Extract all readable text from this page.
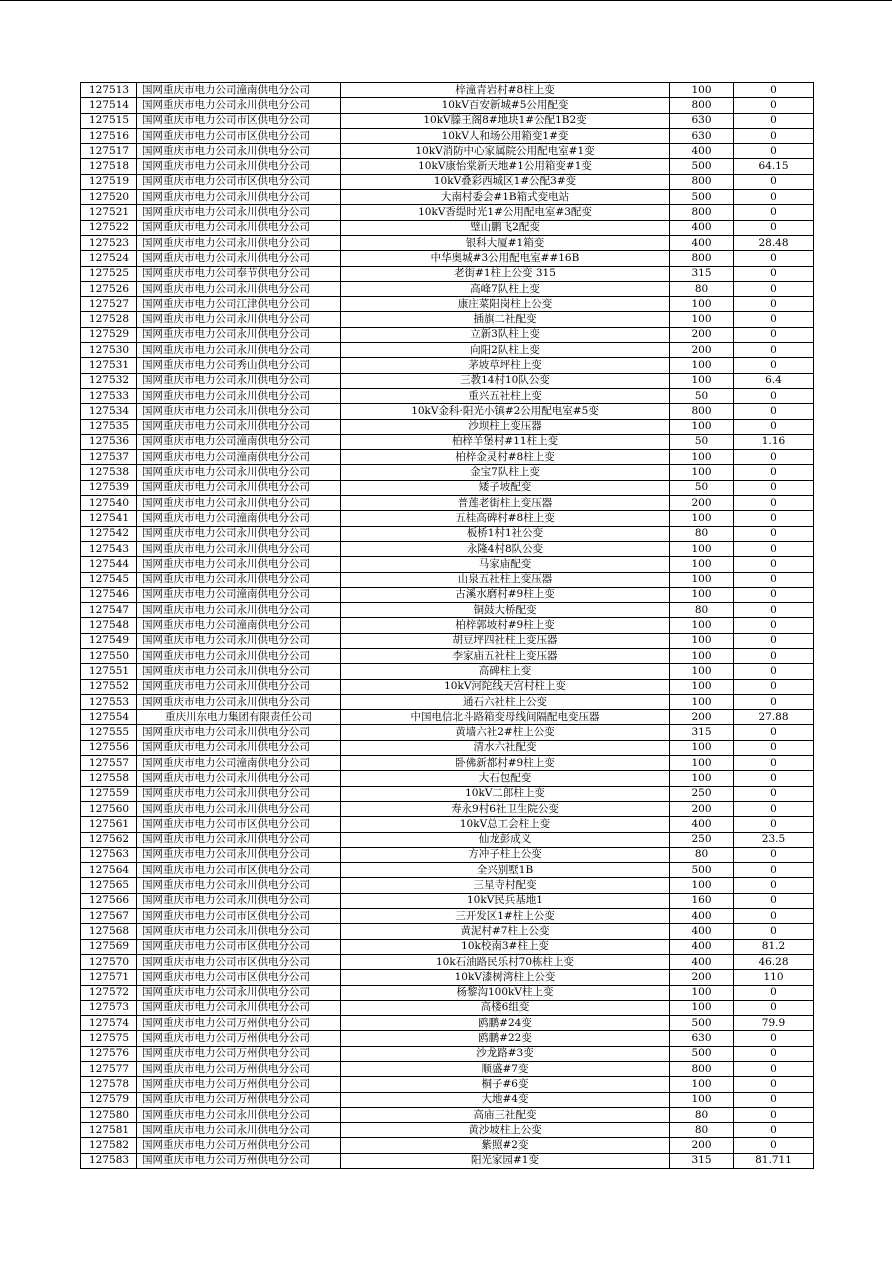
127513	国网重庆市电力公司潼南供电分公司	梓潼青岩村#8柱上变	100	0
127514	国网重庆市电力公司永川供电分公司	10kV百安新城#5公用配变	800	0
127515	国网重庆市电力公司市区供电分公司	10kV滕王阁8#地块1#公配1B2变	630	0
127516	国网重庆市电力公司市区供电分公司	10kV人和场公用箱变1#变	630	0
127517	国网重庆市电力公司永川供电分公司	10kV消防中心家属院公用配电室#1变	400	0
127518	国网重庆市电力公司永川供电分公司	10kV康怡棠新天地#1公用箱变#1变	500	64.15
127519	国网重庆市电力公司市区供电分公司	10kV叠彩西城区1#公配3#变	800	0
127520	国网重庆市电力公司永川供电分公司	大南村委会#1B箱式变电站	500	0
127521	国网重庆市电力公司永川供电分公司	10kV香缇时光1#公用配电室#3配变	800	0
127522	国网重庆市电力公司永川供电分公司	璧山鹏飞2配变	400	0
127523	国网重庆市电力公司永川供电分公司	银科大厦#1箱变	400	28.48
127524	国网重庆市电力公司永川供电分公司	中华奥城#3公用配电室##16B	800	0
127525	国网重庆市电力公司奉节供电分公司	老街#1柱上公变 315	315	0
127526	国网重庆市电力公司永川供电分公司	高峰7队柱上变	80	0
127527	国网重庆市电力公司江津供电分公司	康庄菜阳岗柱上公变	100	0
127528	国网重庆市电力公司永川供电分公司	插旗二社配变	100	0
127529	国网重庆市电力公司永川供电分公司	立新3队柱上变	200	0
127530	国网重庆市电力公司永川供电分公司	向阳2队柱上变	200	0
127531	国网重庆市电力公司秀山供电分公司	茅坡草坪柱上变	100	0
127532	国网重庆市电力公司永川供电分公司	三教14村10队公变	100	6.4
127533	国网重庆市电力公司永川供电分公司	重兴五社柱上变	50	0
127534	国网重庆市电力公司永川供电分公司	10kV金科·阳光小镇#2公用配电室#5变	800	0
127535	国网重庆市电力公司永川供电分公司	沙坝柱上变压器	100	0
127536	国网重庆市电力公司潼南供电分公司	柏梓羊堡村#11柱上变	50	1.16
127537	国网重庆市电力公司潼南供电分公司	柏梓金灵村#8柱上变	100	0
127538	国网重庆市电力公司永川供电分公司	金宝7队柱上变	100	0
127539	国网重庆市电力公司永川供电分公司	矮子坡配变	50	0
127540	国网重庆市电力公司永川供电分公司	普莲老街柱上变压器	200	0
127541	国网重庆市电力公司潼南供电分公司	五桂高碑村#8柱上变	100	0
127542	国网重庆市电力公司永川供电分公司	板桥1村1社公变	80	0
127543	国网重庆市电力公司永川供电分公司	永隆4村8队公变	100	0
127544	国网重庆市电力公司永川供电分公司	马家庙配变	100	0
127545	国网重庆市电力公司永川供电分公司	山泉五社柱上变压器	100	0
127546	国网重庆市电力公司潼南供电分公司	古溪水磨村#9柱上变	100	0
127547	国网重庆市电力公司永川供电分公司	铜鼓大桥配变	80	0
127548	国网重庆市电力公司潼南供电分公司	柏梓郭坡村#9柱上变	100	0
127549	国网重庆市电力公司永川供电分公司	胡豆坪四社柱上变压器	100	0
127550	国网重庆市电力公司永川供电分公司	李家庙五社柱上变压器	100	0
127551	国网重庆市电力公司永川供电分公司	高碑柱上变	100	0
127552	国网重庆市电力公司永川供电分公司	10kV河陀线天宫村柱上变	100	0
127553	国网重庆市电力公司永川供电分公司	通石六社柱上公变	100	0
127554	重庆川东电力集团有限责任公司	中国电信北斗路箱变母线间隔配电变压器	200	27.88
127555	国网重庆市电力公司永川供电分公司	黄墙六社2#柱上公变	315	0
127556	国网重庆市电力公司永川供电分公司	清水六社配变	100	0
127557	国网重庆市电力公司潼南供电分公司	卧佛新都村#9柱上变	100	0
127558	国网重庆市电力公司永川供电分公司	大石包配变	100	0
127559	国网重庆市电力公司永川供电分公司	10kV二郎柱上变	250	0
127560	国网重庆市电力公司永川供电分公司	寿永9村6社卫生院公变	200	0
127561	国网重庆市电力公司市区供电分公司	10kV总工会柱上变	400	0
127562	国网重庆市电力公司永川供电分公司	仙龙彭成义	250	23.5
127563	国网重庆市电力公司永川供电分公司	方冲子柱上公变	80	0
127564	国网重庆市电力公司市区供电分公司	全兴别墅1B	500	0
127565	国网重庆市电力公司永川供电分公司	三星寺村配变	100	0
127566	国网重庆市电力公司永川供电分公司	10kV民兵基地1	160	0
127567	国网重庆市电力公司市区供电分公司	三开发区1#柱上公变	400	0
127568	国网重庆市电力公司永川供电分公司	黄泥村#7柱上公变	400	0
127569	国网重庆市电力公司市区供电分公司	10k校南3#柱上变	400	81.2
127570	国网重庆市电力公司市区供电分公司	10k石油路民乐村70栋柱上变	400	46.28
127571	国网重庆市电力公司市区供电分公司	10kV漆树湾柱上公变	200	110
127572	国网重庆市电力公司永川供电分公司	杨黎沟100kV柱上变	100	0
127573	国网重庆市电力公司永川供电分公司	高楼6组变	100	0
127574	国网重庆市电力公司万州供电分公司	鸥鹏#24变	500	79.9
127575	国网重庆市电力公司万州供电分公司	鸥鹏#22变	630	0
127576	国网重庆市电力公司万州供电分公司	沙龙路#3变	500	0
127577	国网重庆市电力公司万州供电分公司	顺盛#7变	800	0
127578	国网重庆市电力公司万州供电分公司	桐子#6变	100	0
127579	国网重庆市电力公司万州供电分公司	大地#4变	100	0
127580	国网重庆市电力公司永川供电分公司	高庙三社配变	80	0
127581	国网重庆市电力公司永川供电分公司	黄沙坡柱上公变	80	0
127582	国网重庆市电力公司万州供电分公司	紫照#2变	200	0
127583	国网重庆市电力公司万州供电分公司	阳光家园#1变	315	81.711
